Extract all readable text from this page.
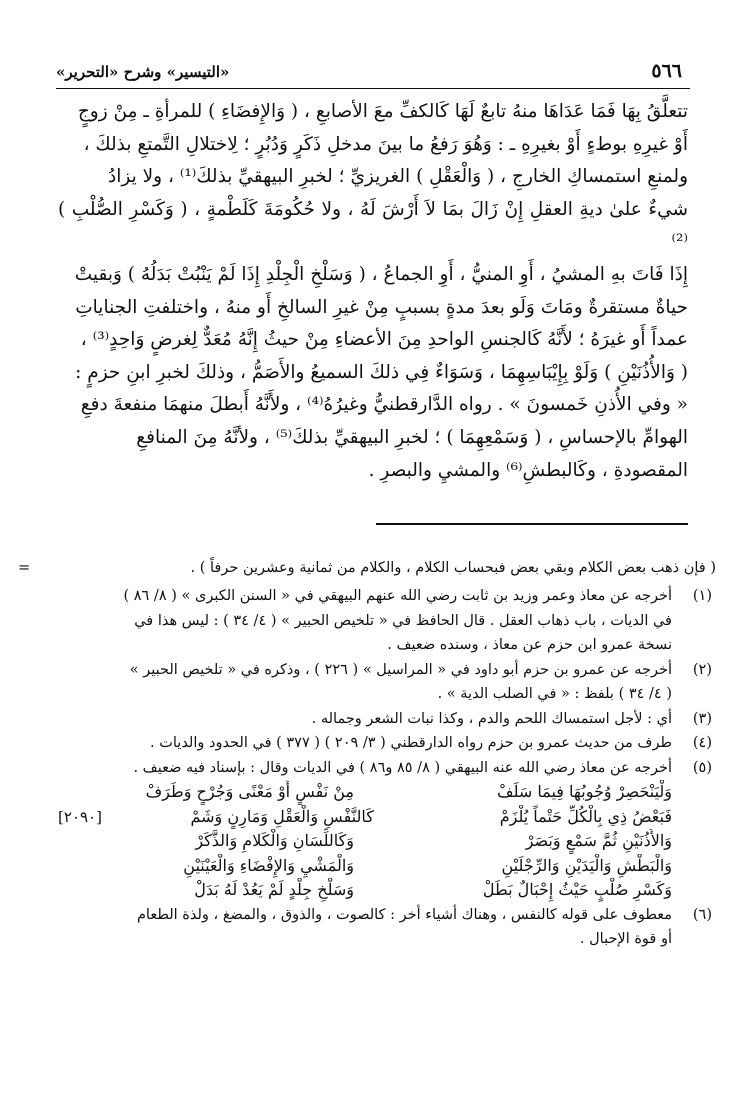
٥٦٦
«التيسير» وشرح «التحرير»

تتعلَّقُ بِهَا فَمَا عَدَاهَا منهُ تابعٌ لَهَا كَالكفِّ معَ الأصابعِ ، ( وَالإِفضَاءِ ) للمرأةِ ـ مِنْ زوجٍ

أَوْ غيرِهِ بوطءٍ أَوْ بغيرِهِ ـ : وَهُوَ رَفعُ ما بينَ مدخلِ ذَكَرٍ وَدُبُرٍ ؛ لِاختلالِ التَّمتعِ بذلكَ ،

ولمنعِ استمساكِ الخارجِ ، ( وَالْعَقْلِ ) الغريزيِّ ؛ لخبرِ البيهقيِّ بذلكَ⁽¹⁾ ، ولا يزادُ

شيءٌ علىٰ ديةِ العقلِ إِنْ زَالَ بمَا لاَ أَرْشَ لَهُ ، ولا حُكُومَةَ كَلَطْمةٍ ، ( وَكَسْرِ الصُّلْبِ )⁽²⁾

إِذَا فَاتَ بهِ المشيُ ، أَوِ المنيُّ ، أَوِ الجماعُ ، ( وَسَلْخِ الْجِلْدِ إِذَا لَمْ يَنْبُتْ بَدَلُهُ ) وَبقيتْ

حياةٌ مستقرةٌ ومَاتَ وَلَو بعدَ مدةٍ بسببٍ مِنْ غيرِ السالخِ أَو منهُ ، واختلفتِ الجناياتِ

عمداً أَو غيرَهُ ؛ لأَنَّهُ كَالجنسِ الواحدِ مِنَ الأعضاءِ مِنْ حيثُ إِنَّهُ مُعَدٌّ لِغرضٍ وَاحِدٍ⁽³⁾ ،

( وَالأُذُنَيْنِ ) وَلَوْ بِإِيْبَاسِهِمَا ، وَسَوَاءٌ فِي ذلكَ السميعُ والأَصَمُّ ، وذلكَ لخبرِ ابنِ حزمٍ :

« وفي الأُذنِ خَمسونَ » . رواه الدَّارقطنيُّ وغيرُهُ⁽⁴⁾ ، ولأَنَّهُ أَبطلَ منهمَا منفعةَ دفعِ

الهوامِّ بالإحساسِ ، ( وَسَمْعِهِمَا ) ؛ لخبرِ البيهقيِّ بذلكَ⁽⁵⁾ ، ولأنَّهُ مِنَ المنافعِ

المقصودةِ ، وكَالبطشِ⁽⁶⁾ والمشيِ والبصرِ .

=	( فإن ذهب بعض الكلام وبقي بعض فبحساب الكلام ، والكلام من ثمانية وعشرين حرفاً ) .
(١)
أخرجه عن معاذ وعمر وزيد بن ثابت رضي الله عنهم البيهقي في « السنن الكبرى » ( ٨/ ٨٦ )
في الديات ، باب ذهاب العقل . قال الحافظ في « تلخيص الحبير » ( ٤/ ٣٤ ) : ليس هذا في
نسخة عمرو ابن حزم عن معاذ ، وسنده ضعيف .
(٢)
أخرجه عن عمرو بن حزم أبو داود في « المراسيل » ( ٢٢٦ ) ، وذكره في « تلخيص الحبير »
( ٤/ ٣٤ ) بلفظ : « في الصلب الدية » .
(٣)
أي : لأجل استمساك اللحم والدم ، وكذا نبات الشعر وجماله .
(٤)
طرف من حديث عمرو بن حزم رواه الدارقطني ( ٣/ ٢٠٩ ) ( ٣٧٧ ) في الحدود والديات .
(٥)
أخرجه عن معاذ رضي الله عنه البيهقي ( ٨/ ٨٥ و٨٦ ) في الديات وقال : بإسناد فيه ضعيف .
وَلْيَنْحَصِرْ وُجُوبُهَا فِيمَا سَلَفْ
مِنْ نَفْسٍ أَوْ مَعْنًى وَجُرْحٍ وَطَرَفْ
فَبَعْضُ ذِي بِالْكُلِّ حَتْماً يُلْزَمْ
كَالنَّفْسِ وَالْعَقْلِ وَمَارِنٍ وَشَمْ
[٢٠٩٠]
وَالأُذُنَيْنِ ثُمَّ سَمْعٍ وَبَصَرْ
وَكَاللِّسَانِ وَالْكَلامِ وَالذَّكَرْ
وَالْبَطْشِ وَالْيَدَيْنِ وَالرِّجْلَيْنِ
وَالْمَشْيِ وَالإِفْضَاءِ وَالْعَيْنَيْنِ
وَكَسْرِ صُلْبٍ حَيْثُ إِحْبَالٌ بَطَلْ
وَسَلْخِ جِلْدٍ لَمْ يَعُدْ لَهُ بَدَلْ
(٦)
معطوف على قوله كالنفس ، وهناك أشياء أخر : كالصوت ، والذوق ، والمضغ ، ولذة الطعام
أو قوة الإحبال .
